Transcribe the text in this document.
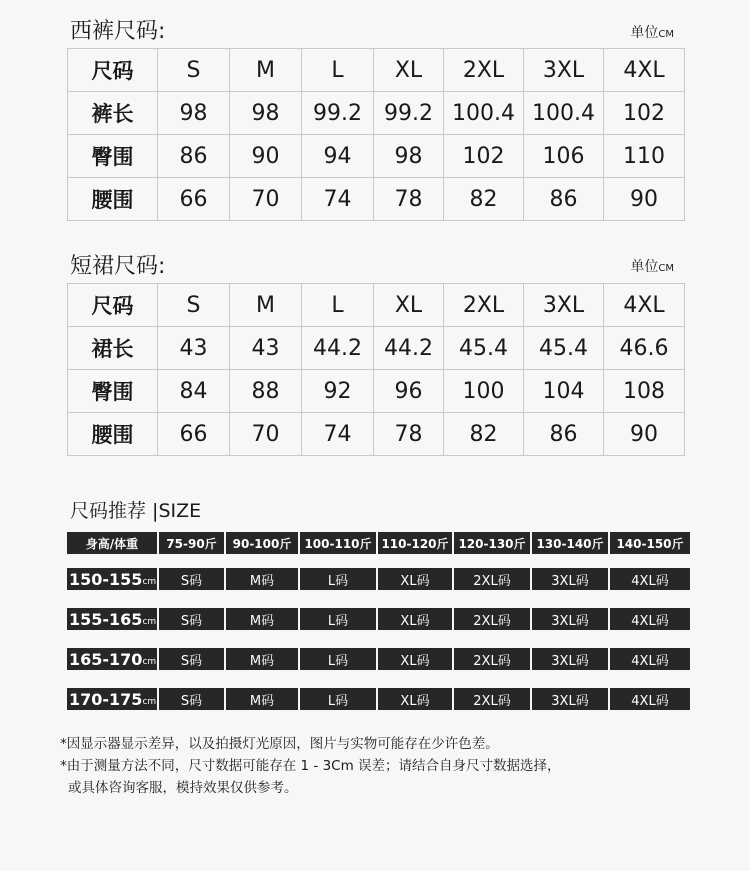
西裤尺码:	单位CM
尺码	S	M	L	XL	2XL	3XL	4XL
裤长	98	98	99.2	99.2	100.4	100.4	102
臀围	86	90	94	98	102	106	110
腰围	66	70	74	78	82	86	90
短裙尺码:	单位CM
尺码	S	M	L	XL	2XL	3XL	4XL
裙长	43	43	44.2	44.2	45.4	45.4	46.6
臀围	84	88	92	96	100	104	108
腰围	66	70	74	78	82	86	90
尺码推荐 |SIZE
身高/体重	75-90斤	90-100斤	100-110斤 110-120斤 120-130斤 130-140斤	140-150斤
150-155 cm	S码	M码	L码	XL码	2XL码	3XL码	4XL码
155-165 cm	S码	M码	L码	XL码	2XL码	3XL码	4XL码
165-170 cm	S码	M码	L码	XL码	2XL码	3XL码	4XL码
170-175 cm	S码	M码	L码	XL码	2XL码	3XL码	4XL码
*因显示器显示差异，以及拍摄灯光原因，图片与实物可能存在少许色差。
*由于测量方法不同，尺寸数据可能存在 1 - 3Cm 误差；请结合自身尺寸数据选择，
或具体咨询客服，模持效果仅供参考。
